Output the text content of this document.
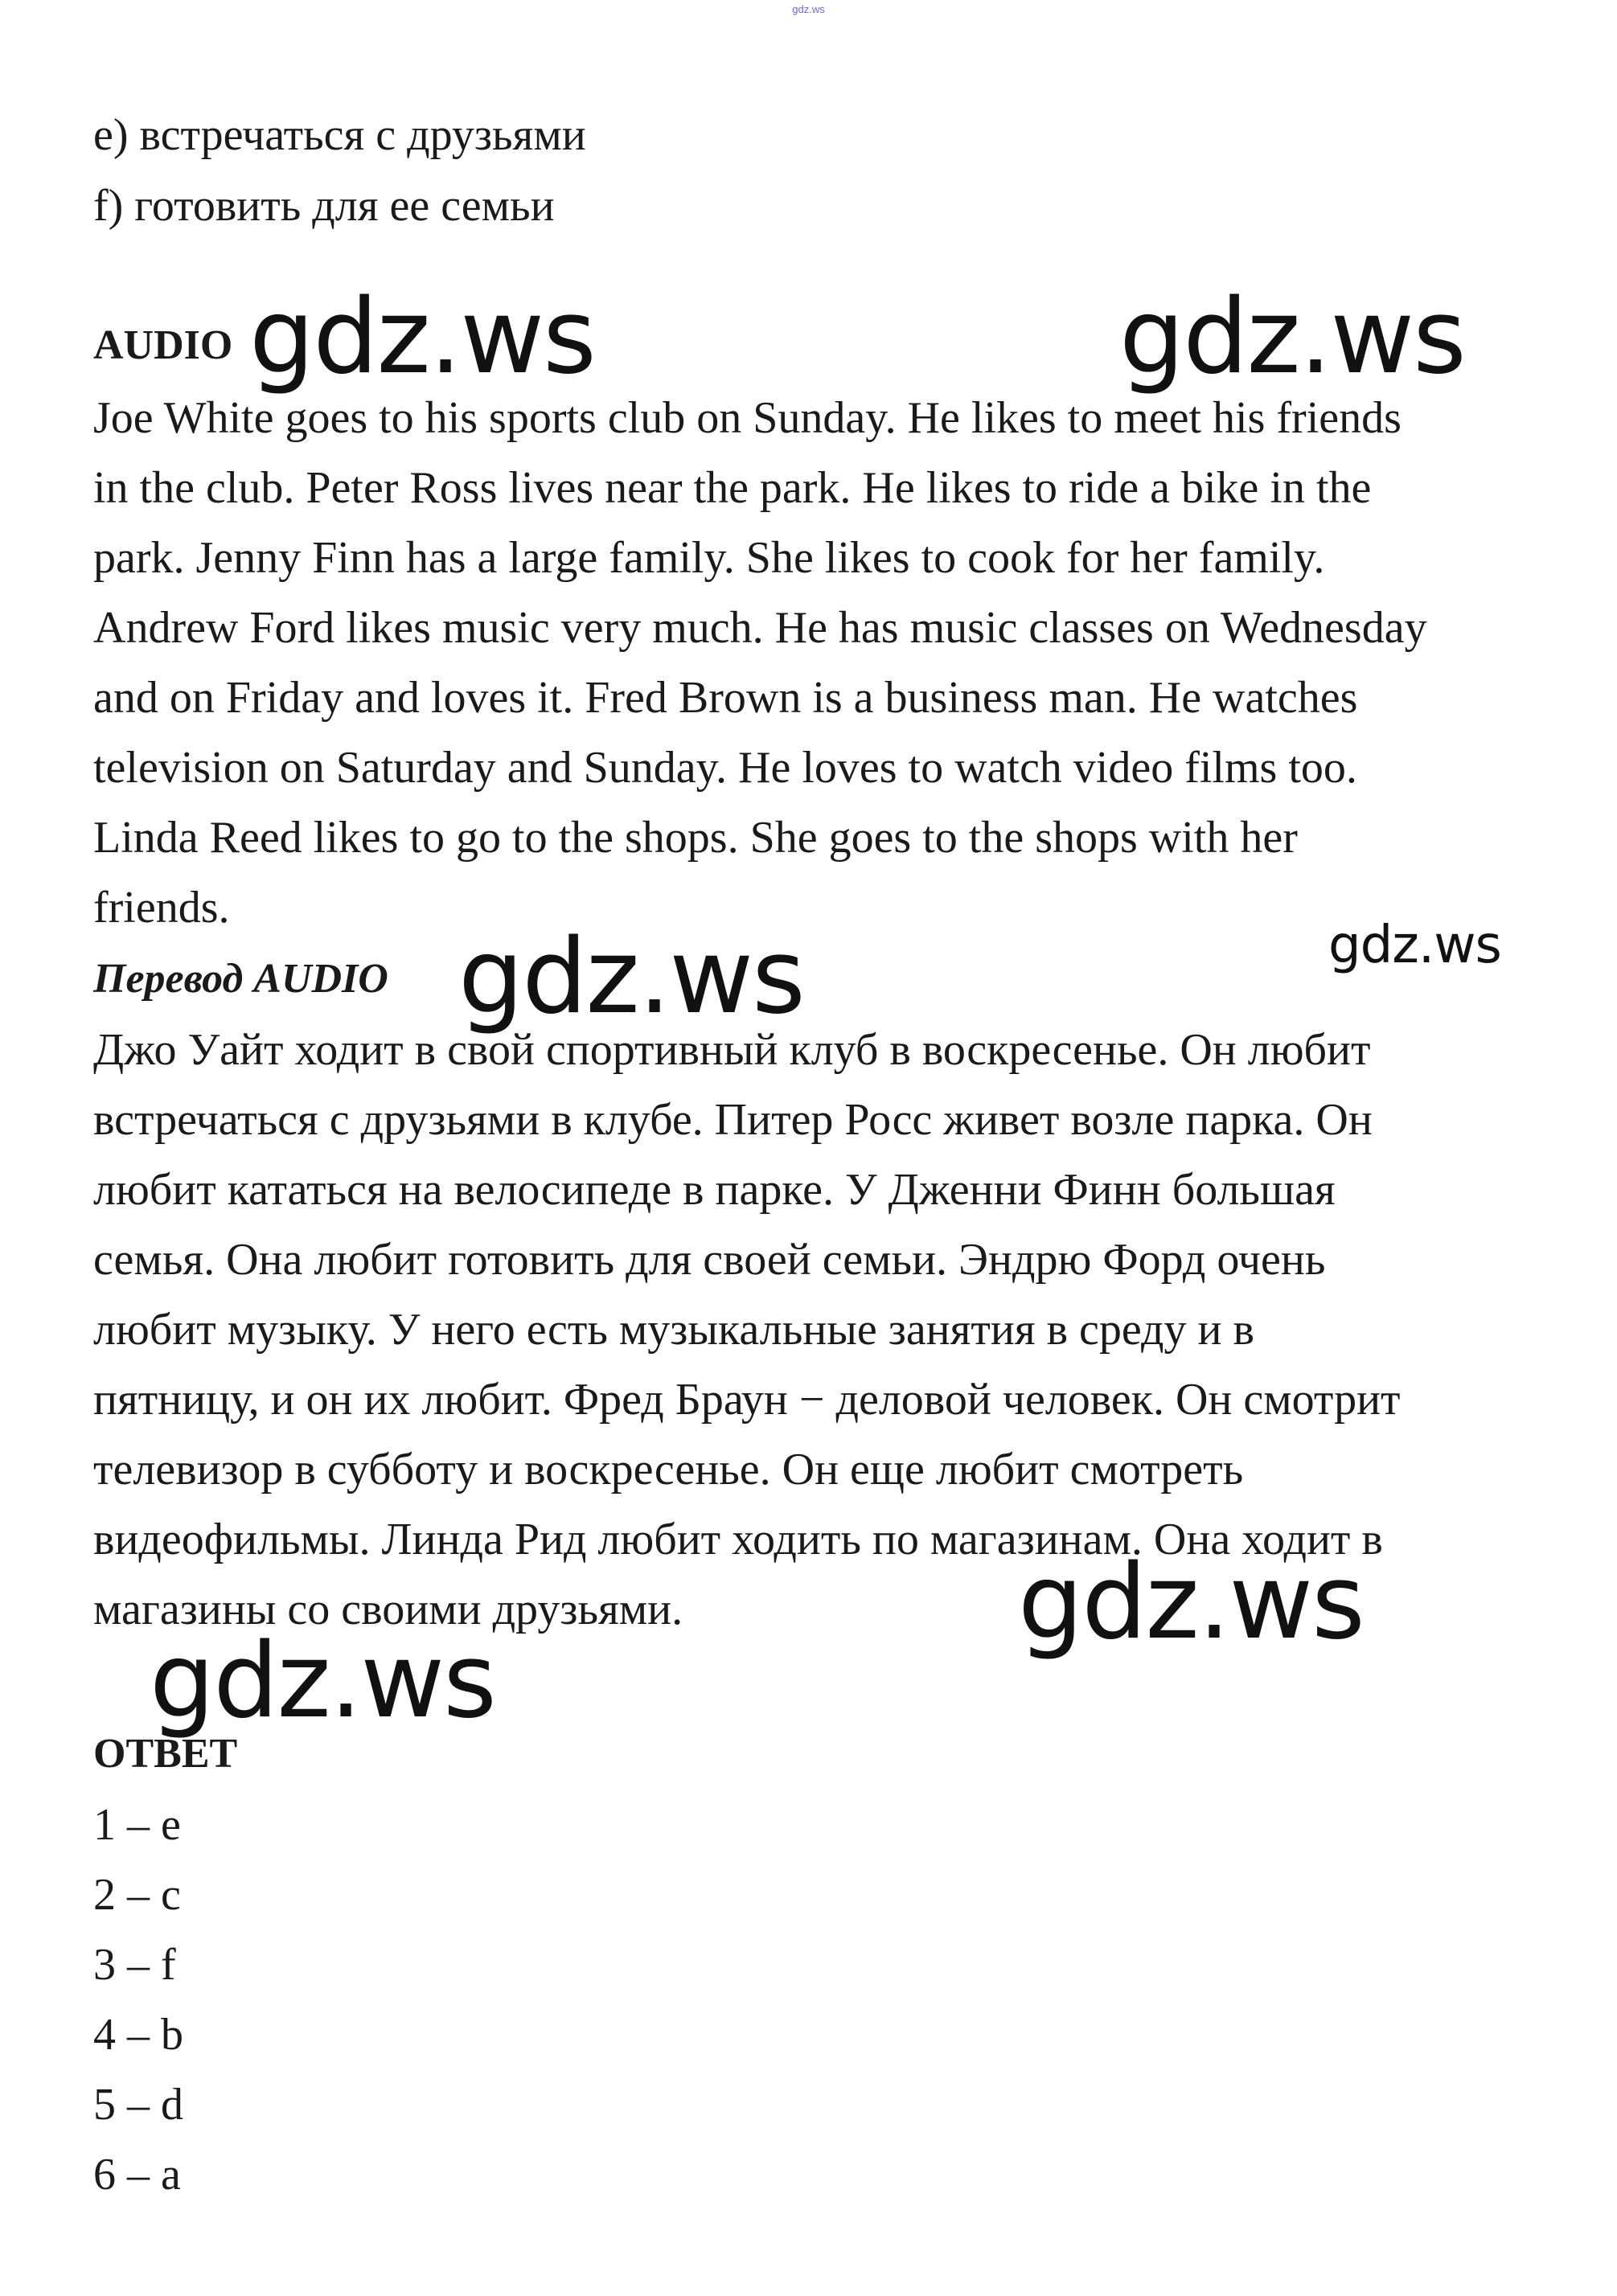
gdz.ws
e) встречаться с друзьями
f) готовить для ее семьи
AUDIO
Joe White goes to his sports club on Sunday. He likes to meet his friends
in the club. Peter Ross lives near the park. He likes to ride a bike in the
park. Jenny Finn has a large family. She likes to cook for her family.
Andrew Ford likes music very much. He has music classes on Wednesday
and on Friday and loves it. Fred Brown is a business man. He watches
television on Saturday and Sunday. He loves to watch video films too.
Linda Reed likes to go to the shops. She goes to the shops with her
friends.
Перевод AUDIO
Джо Уайт ходит в свой спортивный клуб в воскресенье. Он любит
встречаться с друзьями в клубе. Питер Росс живет возле парка. Он
любит кататься на велосипеде в парке. У Дженни Финн большая
семья. Она любит готовить для своей семьи. Эндрю Форд очень
любит музыку. У него есть музыкальные занятия в среду и в
пятницу, и он их любит. Фред Браун − деловой человек. Он смотрит
телевизор в субботу и воскресенье. Он еще любит смотреть
видеофильмы. Линда Рид любит ходить по магазинам. Она ходит в
магазины со своими друзьями.
ОТВЕТ
1 – e
2 – c
3 – f
4 – b
5 – d
6 – a
gdz.ws	gdz.ws
gdz.ws
gdz.ws
gdz.ws
gdz.ws
